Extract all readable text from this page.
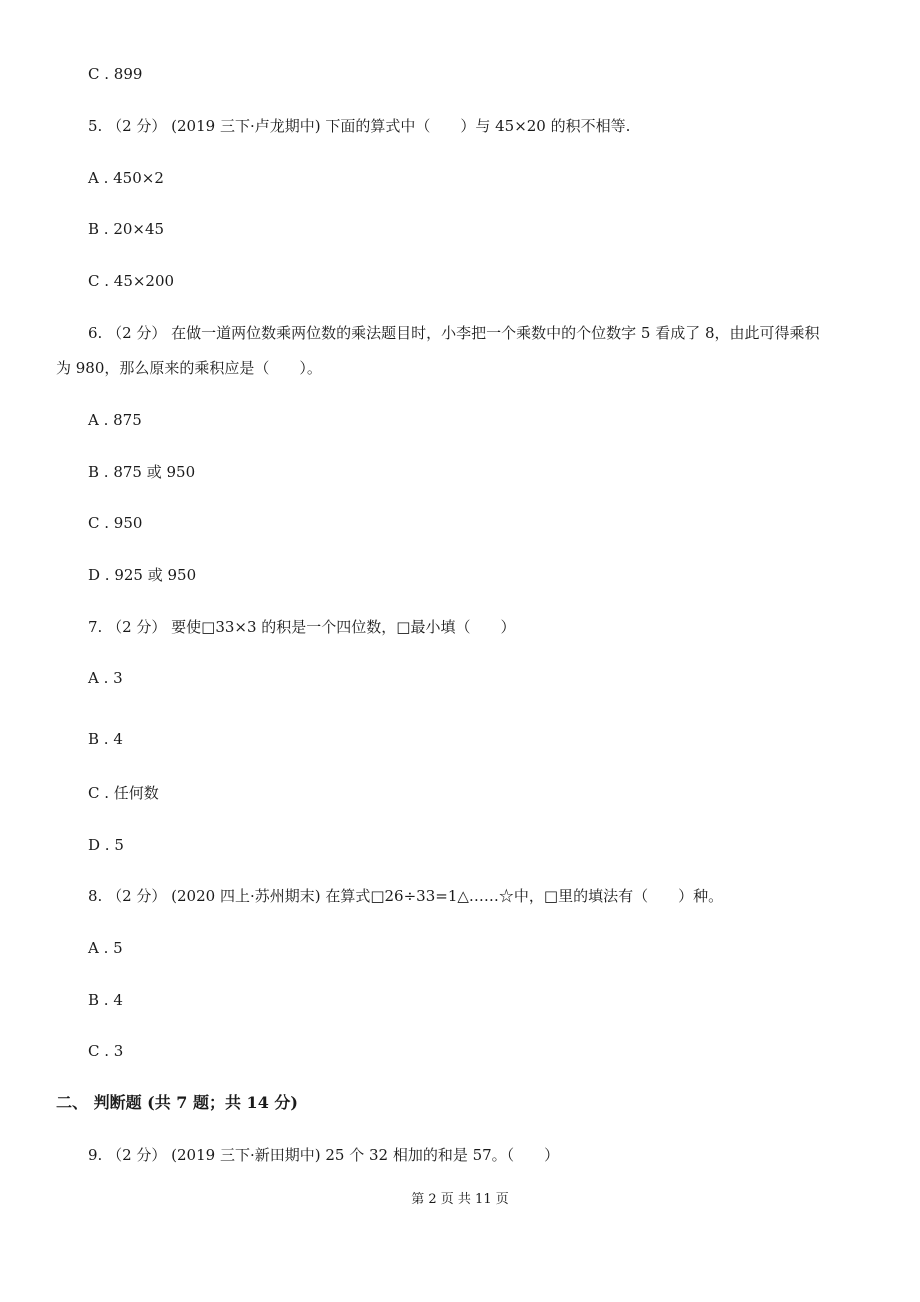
C . 899
5. （2 分） (2019 三下·卢龙期中) 下面的算式中（　　）与 45×20 的积不相等.
A . 450×2
B . 20×45
C . 45×200
6. （2 分） 在做一道两位数乘两位数的乘法题目时，小李把一个乘数中的个位数字 5 看成了 8，由此可得乘积
为 980，那么原来的乘积应是（　　）。
A . 875
B . 875 或 950
C . 950
D . 925 或 950
7. （2 分） 要使□33×3 的积是一个四位数，□最小填（　　）
A . 3
B . 4
C . 任何数
D . 5
8. （2 分） (2020 四上·苏州期末) 在算式□26÷33=1△……☆中，□里的填法有（　　）种。
A . 5
B . 4
C . 3
二、 判断题 (共 7 题；共 14 分)
9. （2 分） (2019 三下·新田期中) 25 个 32 相加的和是 57。（　　）
第 2 页 共 11 页
